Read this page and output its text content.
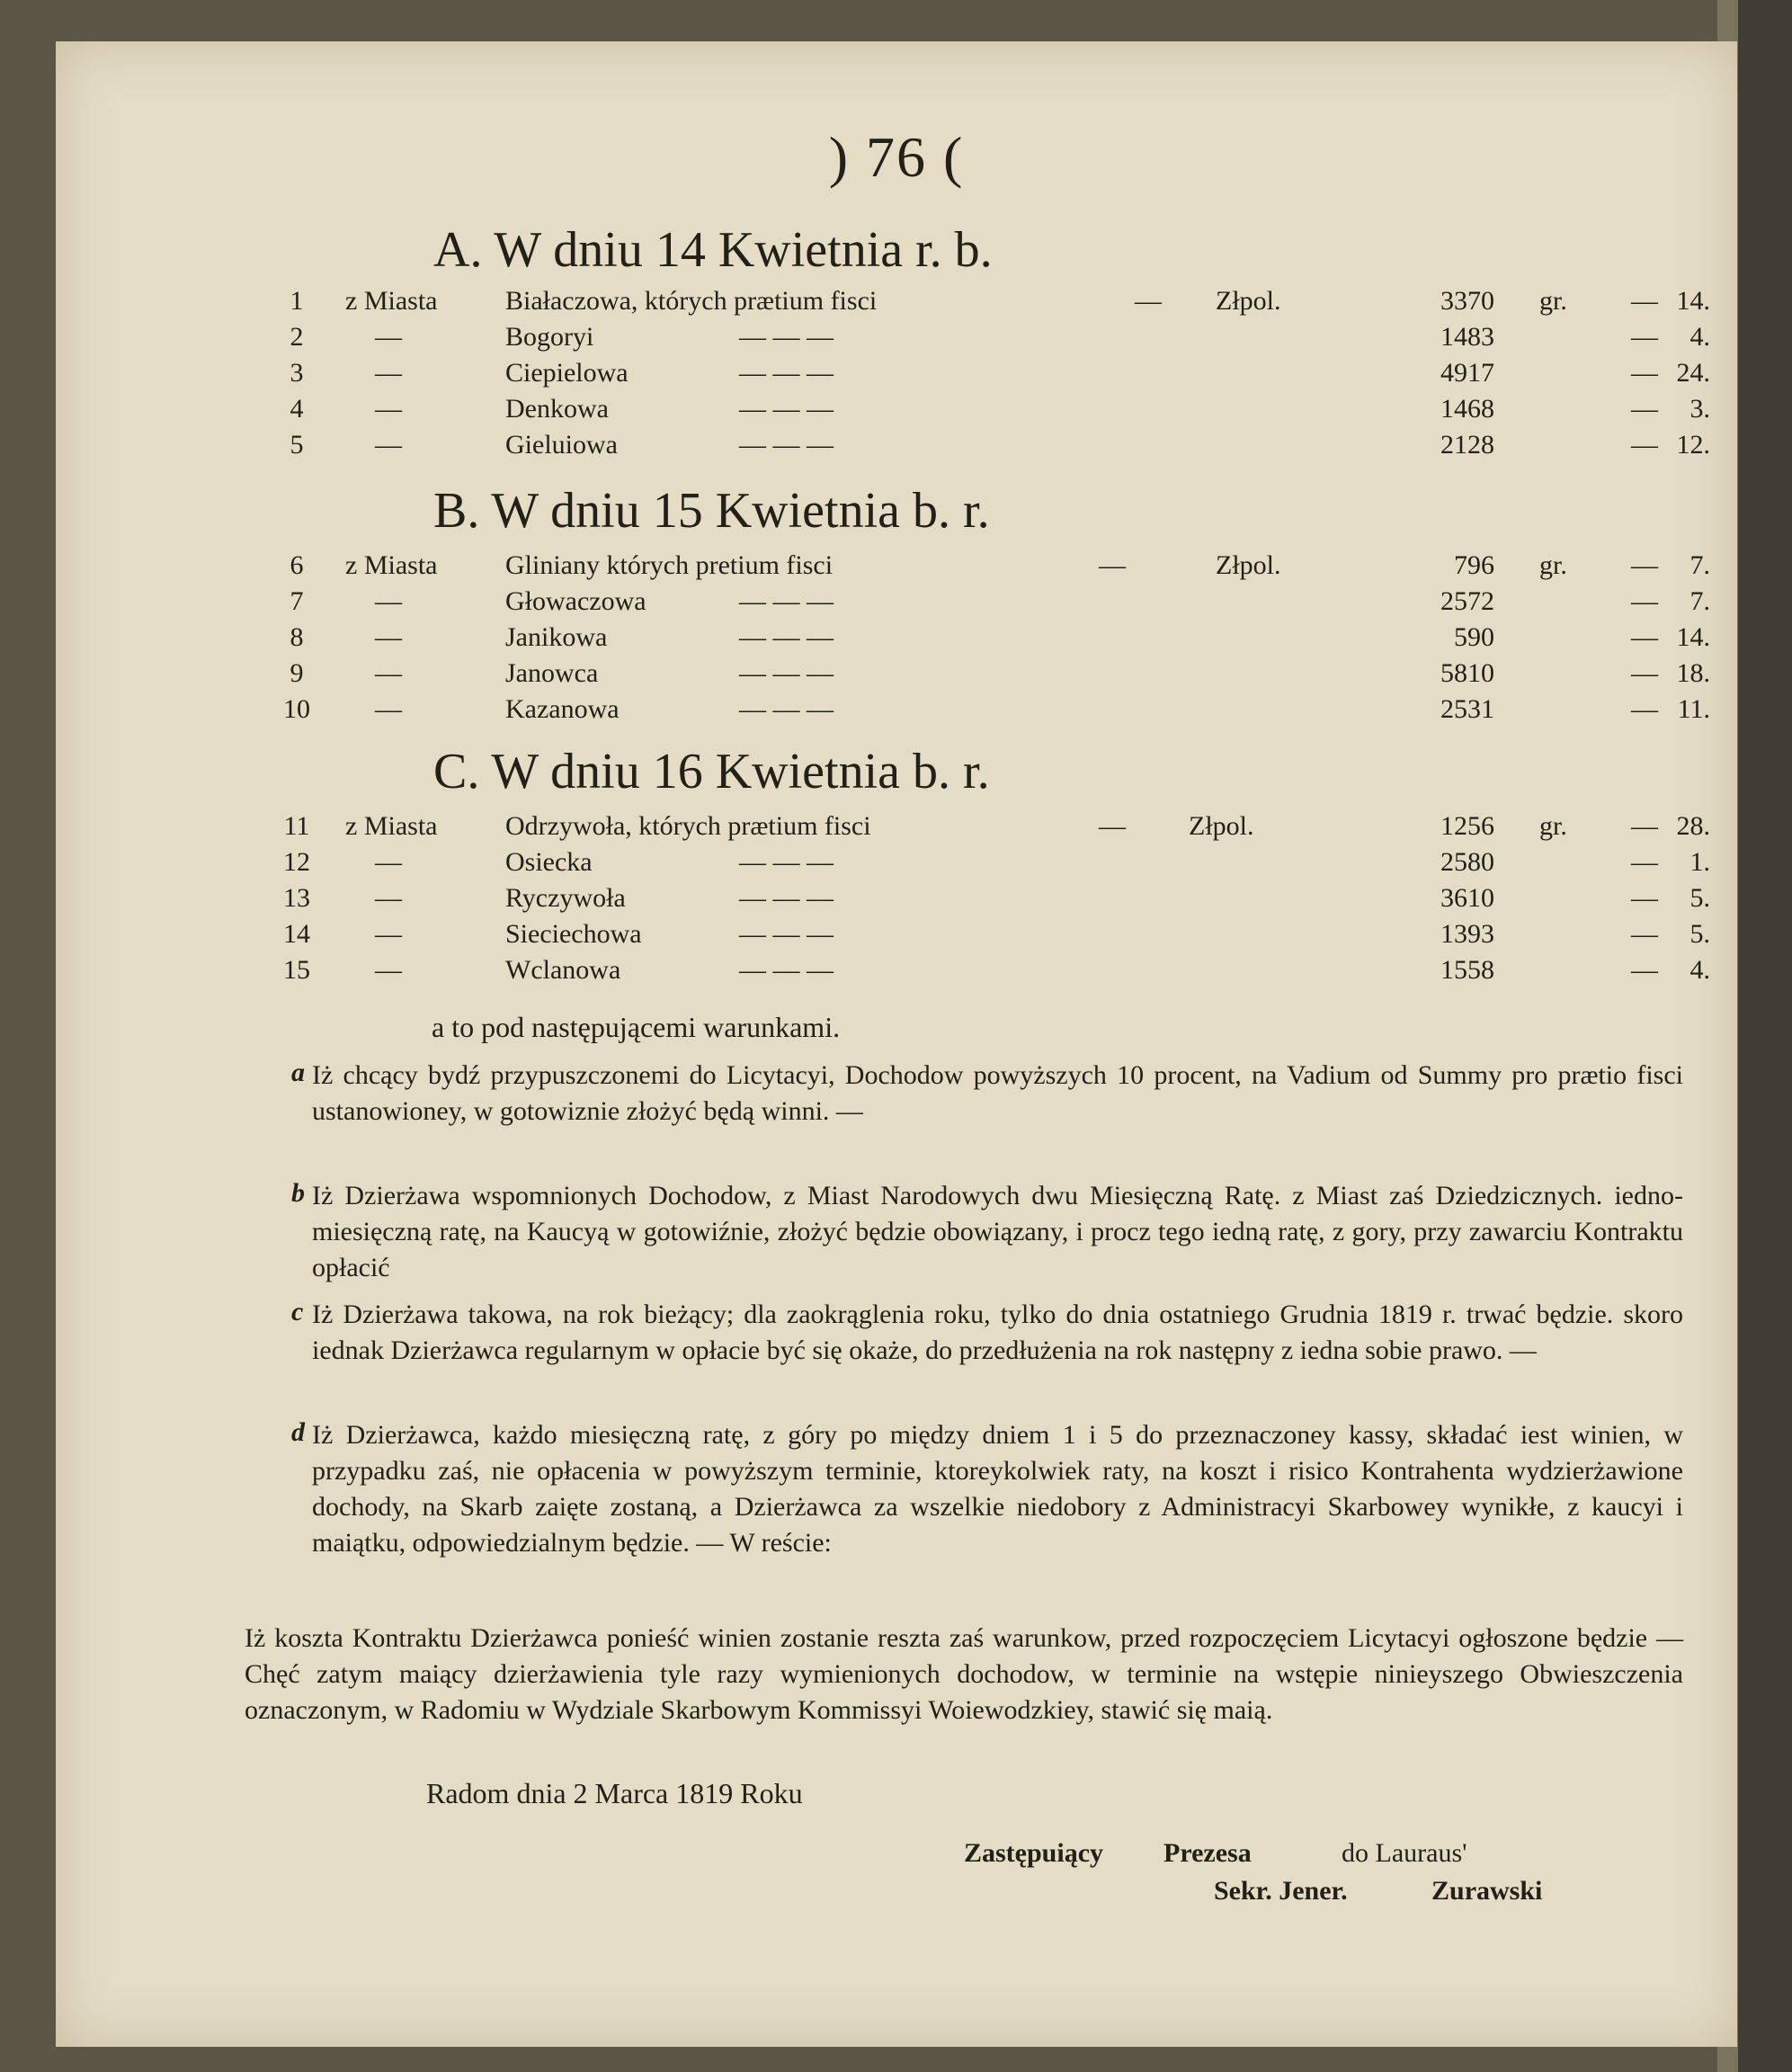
) 76 (
A. W dniu 14 Kwietnia r. b.
1	z Miasta	Białaczowa, których prætium fisci	— Złpol.	3370 gr. — 14.
2	—	Bogoryi	— — —	1483	—	4.
3	—	Ciepielowa	— — —	4917	— 24.
4	—	Denkowa	— — —	1468	—	3.
5	—	Gieluiowa	— — —	2128	— 12.
B. W dniu 15 Kwietnia b. r.
6	z Miasta	Gliniany których pretium fisci	—	Złpol.	796 gr. —	7.
7	—	Głowaczowa	— — —	2572	—	7.
8	—	Janikowa	— — —	590	— 14.
9	—	Janowca	— — —	5810	— 18.
10	—	Kazanowa	— — —	2531	— 11.
C. W dniu 16 Kwietnia b. r.
11	z Miasta	Odrzywoła, których prætium fisci	— Złpol.	1256 gr. — 28.
12	—	Osiecka	— — —	2580	—	1.
13	—	Ryczywoła	— — —	3610	—	5.
14	—	Sieciechowa	— — —	1393	—	5.
15	—	Wclanowa	— — —	1558	—	4.
a to pod następującemi warunkami.
a Iż chcący bydź przypuszczonemi do Licytacyi, Dochodow powyższych 10 procent, na Vadium od Summy pro prætio fisci ustanowioney, w gotowiznie złożyć będą winni. —
b Iż Dzierżawa wspomnionych Dochodow, z Miast Narodowych dwu Miesięczną Ratę. z Miast zaś Dziedzicznych. iedno-miesięczną ratę, na Kaucyą w gotowiźnie, złożyć będzie obowiązany, i procz tego iedną ratę, z gory, przy zawarciu Kontraktu opłacić
c Iż Dzierżawa takowa, na rok bieżący; dla zaokrąglenia roku, tylko do dnia ostatniego Grudnia 1819 r. trwać będzie. skoro iednak Dzierżawca regularnym w opłacie być się okaże, do przedłużenia na rok następny z iedna sobie prawo. —
d Iż Dzierżawca, każdo miesięczną ratę, z góry po między dniem 1 i 5 do przeznaczoney kassy, składać iest winien, w przypadku zaś, nie opłacenia w powyższym terminie, ktoreykolwiek raty, na koszt i risico Kontrahenta wydzierżawione dochody, na Skarb zaięte zostaną, a Dzierżawca za wszelkie niedobory z Administracyi Skarbowey wynikłe, z kaucyi i maiątku, odpowiedzialnym będzie. — W reście:
Iż koszta Kontraktu Dzierżawca ponieść winien zostanie reszta zaś warunkow, przed rozpoczęciem Licytacyi ogłoszone będzie — Chęć zatym maiący dzierżawienia tyle razy wymienionych dochodow, w terminie na wstępie ninieyszego Obwieszczenia oznaczonym, w Radomiu w Wydziale Skarbowym Kommissyi Woiewodzkiey, stawić się maią.
Radom dnia 2 Marca 1819 Roku
Zastępuiący Prezesa	do Lauraus'
Sekr. Jener.	Zurawski
